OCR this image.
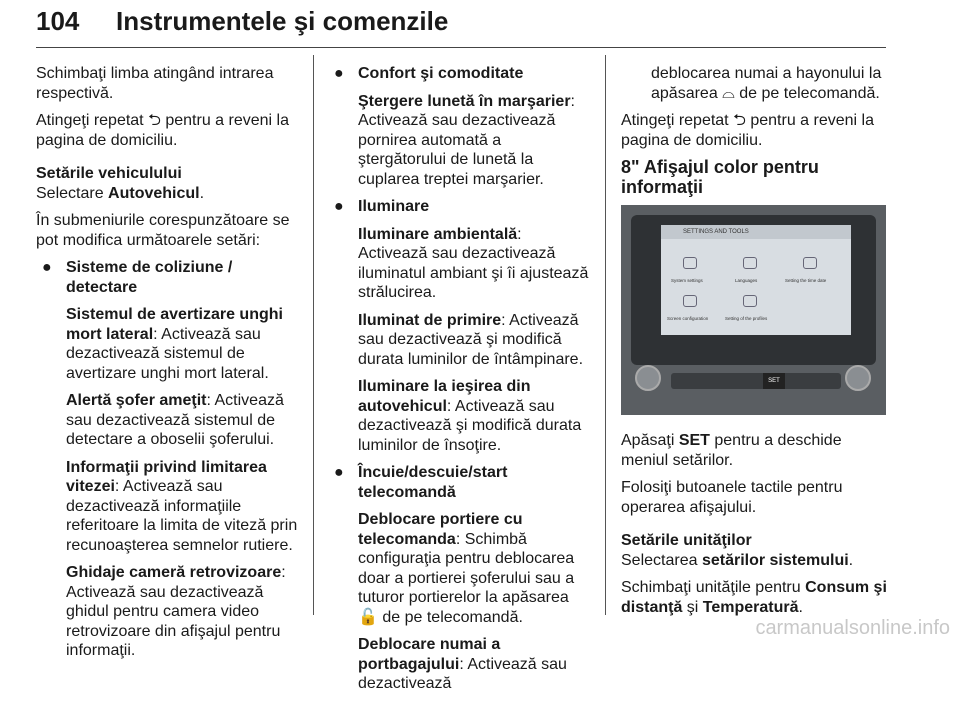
104 Instrumentele şi comenzile

Schimbaţi limba atingând intrarea respectivă.

Atingeţi repetat ⮌ pentru a reveni la pagina de domiciliu.

Setările vehiculului

Selectare Autovehicul.

În submeniurile corespunzătoare se pot modifica următoarele setări:

● Sisteme de coliziune / detectare

Sistemul de avertizare unghi mort lateral: Activează sau dezactivează sistemul de avertizare unghi mort lateral.

Alertă şofer ameţit: Activează sau dezactivează sistemul de detectare a oboselii şoferului.

Informaţii privind limitarea vitezei: Activează sau dezactivează informaţiile referitoare la limita de viteză prin recunoaşterea semnelor rutiere.

Ghidaje cameră retrovizoare: Activează sau dezactivează ghidul pentru camera video retrovizoare din afişajul pentru informaţii.

● Confort şi comoditate

Ştergere lunetă în marşarier: Activează sau dezactivează pornirea automată a ştergătorului de lunetă la cuplarea treptei marşarier.

● Iluminare

Iluminare ambientală: Activează sau dezactivează iluminatul ambiant şi îi ajustează strălucirea.

Iluminat de primire: Activează sau dezactivează şi modifică durata luminilor de întâmpinare.

Iluminare la ieşirea din autovehicul: Activează sau dezactivează şi modifică durata luminilor de însoţire.

● Încuie/descuie/start telecomandă

Deblocare portiere cu telecomanda: Schimbă configuraţia pentru deblocarea doar a portierei şoferului sau a tuturor portierelor la apăsarea 🔓 de pe telecomandă.

Deblocare numai a portbagajului: Activează sau dezactivează

deblocarea numai a hayonului la apăsarea ⌓ de pe telecomandă.

Atingeţi repetat ⮌ pentru a reveni la pagina de domiciliu.

8" Afişajul color pentru informaţii

SETTINGS AND TOOLS
System settings	Languages	Setting the time date
Screen configuration	Setting of the profiles
SET

Apăsaţi SET pentru a deschide meniul setărilor.

Folosiţi butoanele tactile pentru operarea afişajului.

Setările unităţilor

Selectarea setărilor sistemului.

Schimbaţi unităţile pentru Consum şi distanţă şi Temperatură.

carmanualsonline.info
